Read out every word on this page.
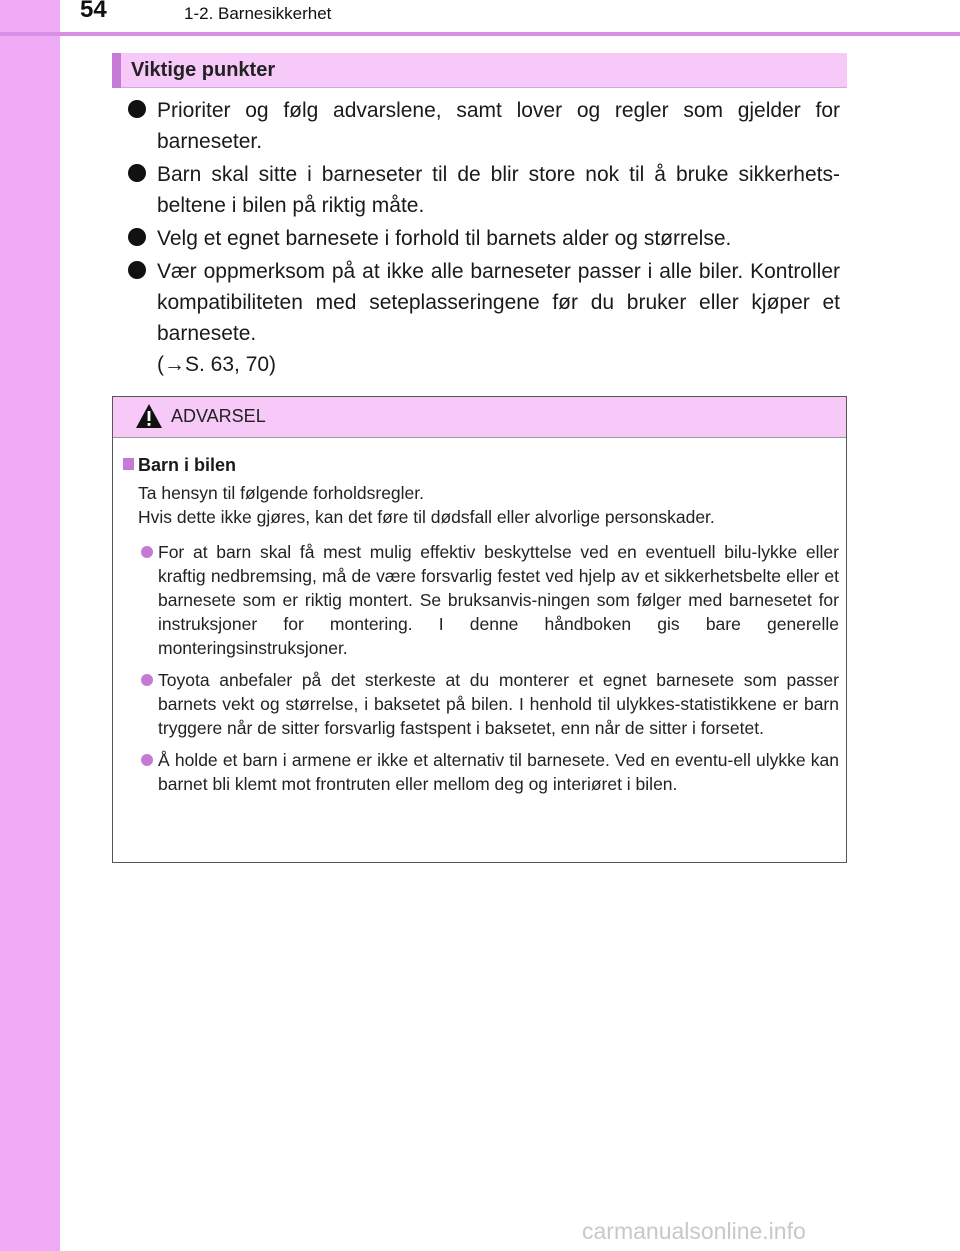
54	1-2. Barnesikkerhet
Viktige punkter
Prioriter og følg advarslene, samt lover og regler som gjelder for barneseter.
Barn skal sitte i barneseter til de blir store nok til å bruke sikkerhets-beltene i bilen på riktig måte.
Velg et egnet barnesete i forhold til barnets alder og størrelse.
Vær oppmerksom på at ikke alle barneseter passer i alle biler. Kontroller kompatibiliteten med seteplasseringene før du bruker eller kjøper et barnesete.
(→S. 63, 70)
ADVARSEL
Barn i bilen
Ta hensyn til følgende forholdsregler.
Hvis dette ikke gjøres, kan det føre til dødsfall eller alvorlige personskader.
For at barn skal få mest mulig effektiv beskyttelse ved en eventuell bilu-lykke eller kraftig nedbremsing, må de være forsvarlig festet ved hjelp av et sikkerhetsbelte eller et barnesete som er riktig montert. Se bruksanvis-ningen som følger med barnesetet for instruksjoner for montering. I denne håndboken gis bare generelle monteringsinstruksjoner.
Toyota anbefaler på det sterkeste at du monterer et egnet barnesete som passer barnets vekt og størrelse, i baksetet på bilen. I henhold til ulykkes-statistikkene er barn tryggere når de sitter forsvarlig fastspent i baksetet, enn når de sitter i forsetet.
Å holde et barn i armene er ikke et alternativ til barnesete. Ved en eventu-ell ulykke kan barnet bli klemt mot frontruten eller mellom deg og interiøret i bilen.
carmanualsonline.info
